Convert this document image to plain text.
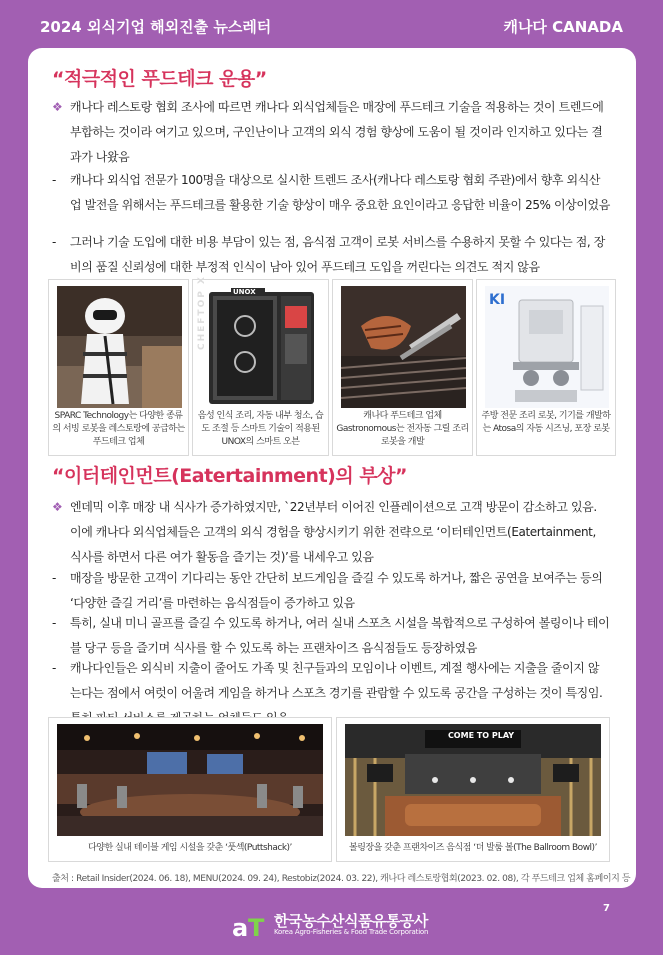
2024 외식기업 해외진출 뉴스레터	캐나다 CANADA
“적극적인 푸드테크 운용”
❖ 캐나다 레스토랑 협회 조사에 따르면 캐나다 외식업체들은 매장에 푸드테크 기술을 적용하는 것이 트렌드에 부합하는 것이라 여기고 있으며, 구인난이나 고객의 외식 경험 향상에 도움이 될 것이라 인지하고 있다는 결과가 나왔음
-	캐나다 외식업 전문가 100명을 대상으로 실시한 트렌드 조사(캐나다 레스토랑 협회 주관)에서 향후 외식산업 발전을 위해서는 푸드테크를 활용한 기술 향상이 매우 중요한 요인이라고 응답한 비율이 25% 이상이었음
-	그러나 기술 도입에 대한 비용 부담이 있는 점, 음식점 고객이 로봇 서비스를 수용하지 못할 수 있다는 점, 장비의 품질 신뢰성에 대한 부정적 인식이 남아 있어 푸드테크 도입을 꺼린다는 의견도 적지 않음
SPARC Technology는 다양한 종류의 서빙 로봇을 레스토랑에 공급하는 푸드테크 업체
UNOX
CHEFTOP X
음성 인식 조리, 자동 내부 청소, 습도 조절 등 스마트 기술이 적용된 UNOX의 스마트 오븐
캐나다 푸드테크 업체 Gastronomous는 전자동 그릴 조리 로봇을 개발
KI
주방 전문 조리 로봇, 기기를 개발하는 Atosa의 자동 시즈닝, 포장 로봇
“이터테인먼트(Eatertainment)의 부상”
❖ 엔데믹 이후 매장 내 식사가 증가하였지만, `22년부터 이어진 인플레이션으로 고객 방문이 감소하고 있음. 이에 캐나다 외식업체들은 고객의 외식 경험을 향상시키기 위한 전략으로 ‘이터테인먼트(Eatertainment, 식사를 하면서 다른 여가 활동을 즐기는 것)’를 내세우고 있음
-	매장을 방문한 고객이 기다리는 동안 간단히 보드게임을 즐길 수 있도록 하거나, 짧은 공연을 보여주는 등의 ‘다양한 즐길 거리’를 마련하는 음식점들이 증가하고 있음
-	특히, 실내 미니 골프를 즐길 수 있도록 하거나, 여러 실내 스포츠 시설을 복합적으로 구성하여 볼링이나 테이블 당구 등을 즐기며 식사를 할 수 있도록 하는 프랜차이즈 음식점들도 등장하였음
-	캐나다인들은 외식비 지출이 줄어도 가족 및 친구들과의 모임이나 이벤트, 계절 행사에는 지출을 줄이지 않는다는 점에서 여럿이 어울려 게임을 하거나 스포츠 경기를 관람할 수 있도록 공간을 구성하는 것이 특징임.
다양한 실내 테이블 게임 시설을 갖춘 ‘풋섹(Puttshack)’
COME TO PLAY
볼링장을 갖춘 프랜차이즈 음식점 ‘더 발룸 볼(The Ballroom Bowl)’
출처 : Retail Insider(2024. 06. 18), MENU(2024. 09. 24), Restobiz(2024. 03. 22), 캐나다 레스토랑협회(2023. 02. 08), 각 푸드테크 업체 홈페이지 등
7
a T 한국농수산식품유통공사
Korea Agro-Fisheries & Food Trade Corporation
